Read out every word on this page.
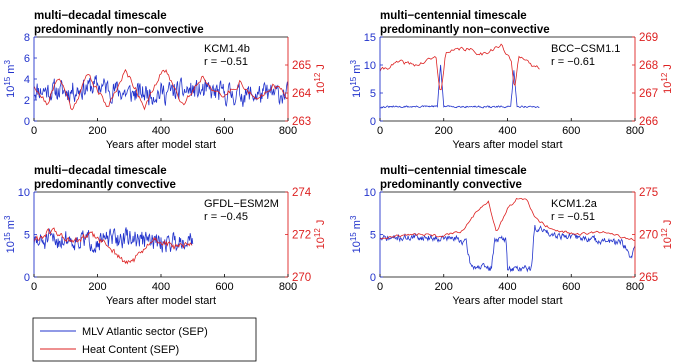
multi−decadal timescale
predominantly non−convective
0	200	400	600	800
Years after model start
0
2
4
6
8
263
264
265
$10^{15}$ $m^3$
$10^{12}$ J
KCM1.4b
r = −0.51
multi−centennial timescale
predominantly non−convective
0	200	400	600	800
Years after model start
0
5
10
15
266
267
268
269
$10^{15}$ $m^3$
$10^{12}$ J
BCC−CSM1.1
r = −0.61
multi−decadal timescale
predominantly convective
0	200	400	600	800
Years after model start
0
5
10
270
272
274
$10^{15}$ $m^3$
$10^{12}$ J
GFDL−ESM2M
r = −0.45
multi−centennial timescale
predominantly convective
0	200	400	600	800
Years after model start
0
5
10
265
270
275
$10^{15}$ $m^3$
$10^{12}$ J
KCM1.2a
r = −0.51
MLV Atlantic sector (SEP)
Heat Content (SEP)
